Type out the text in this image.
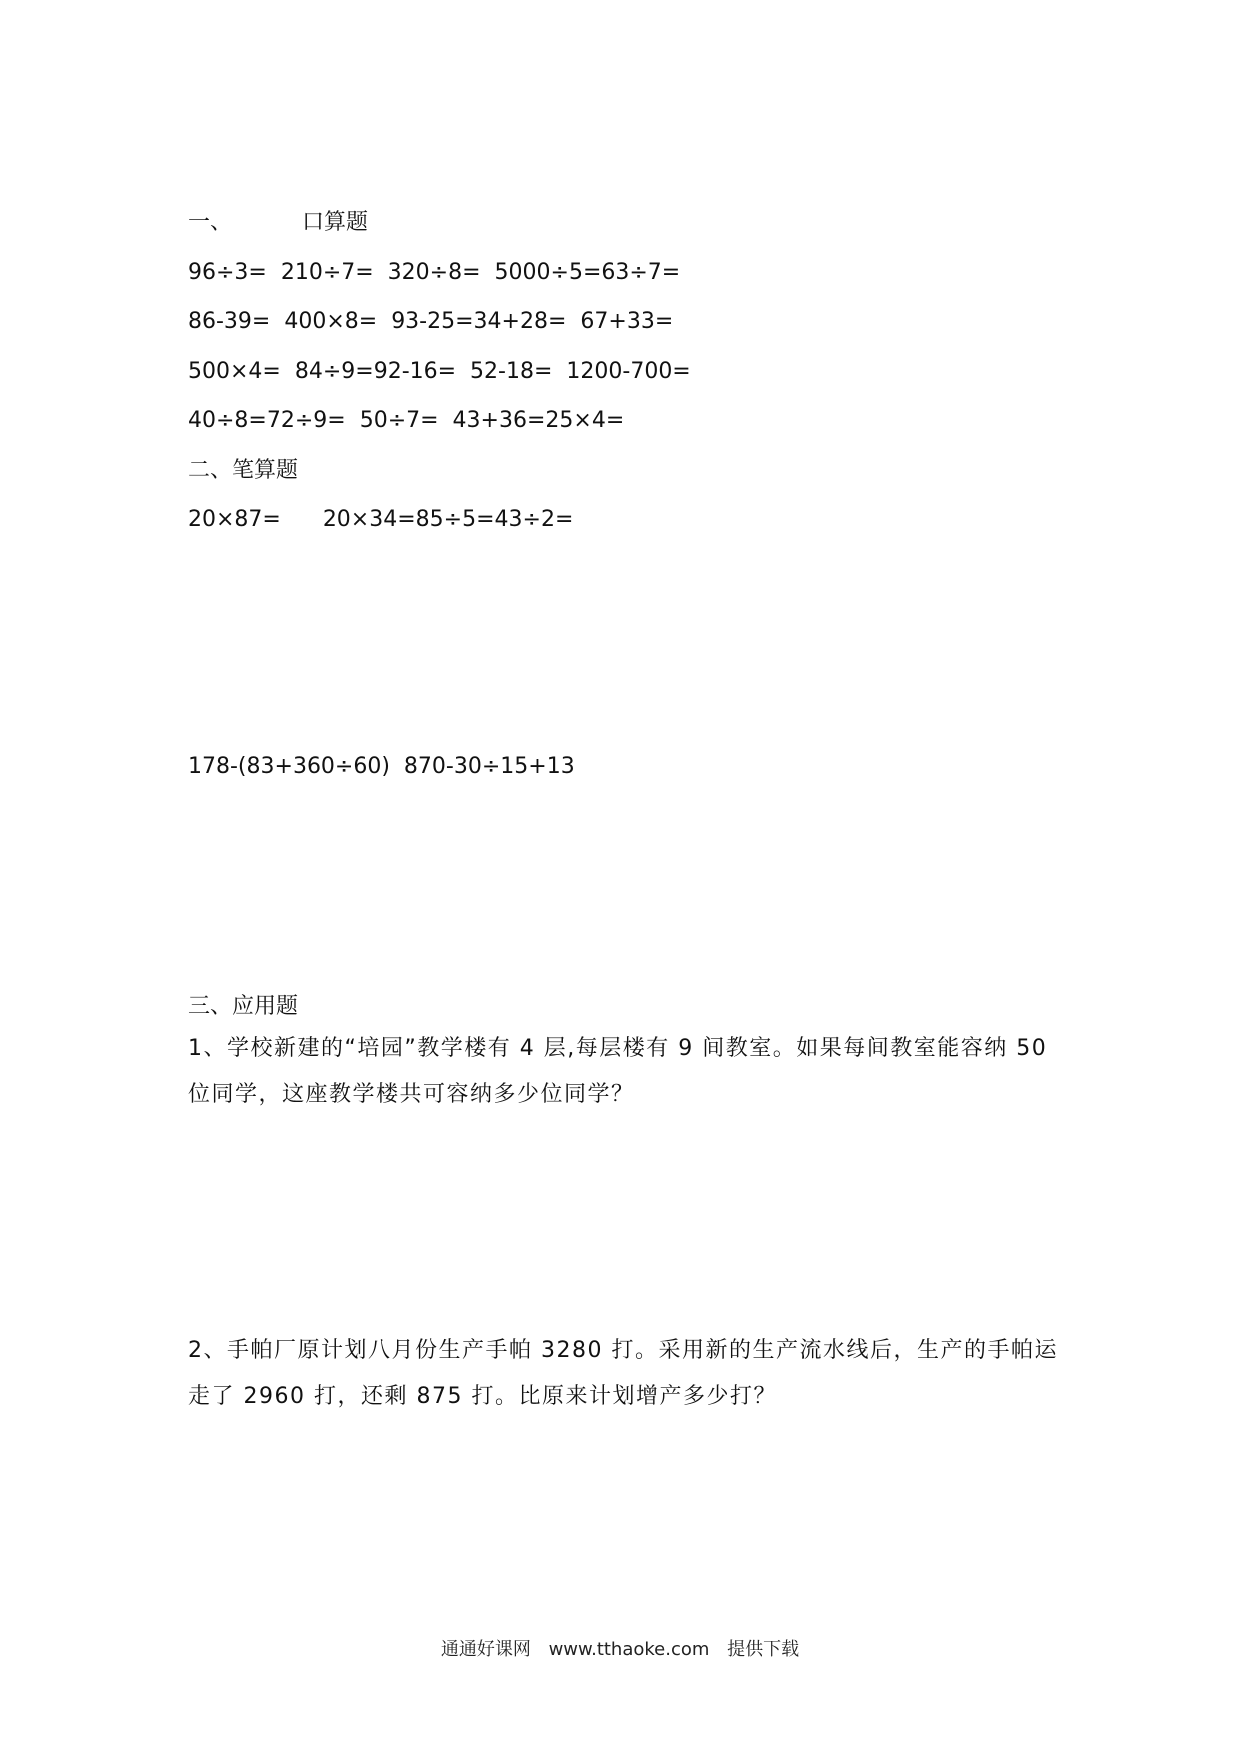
一、	口算题
96÷3=  210÷7=  320÷8=  5000÷5=63÷7=
86-39=  400×8=  93-25=34+28=  67+33=
500×4=  84÷9=92-16=  52-18=  1200-700=
40÷8=72÷9=  50÷7=  43+36=25×4=
二、笔算题
20×87=      20×34=85÷5=43÷2=
178-(83+360÷60)  870-30÷15+13
三、应用题
1、学校新建的“培园”教学楼有 4 层,每层楼有 9 间教室。如果每间教室能容纳 50 位同学，这座教学楼共可容纳多少位同学？
2、手帕厂原计划八月份生产手帕 3280 打。采用新的生产流水线后，生产的手帕运走了 2960 打，还剩 875 打。比原来计划增产多少打？
通通好课网 www.tthaoke.com 提供下载
